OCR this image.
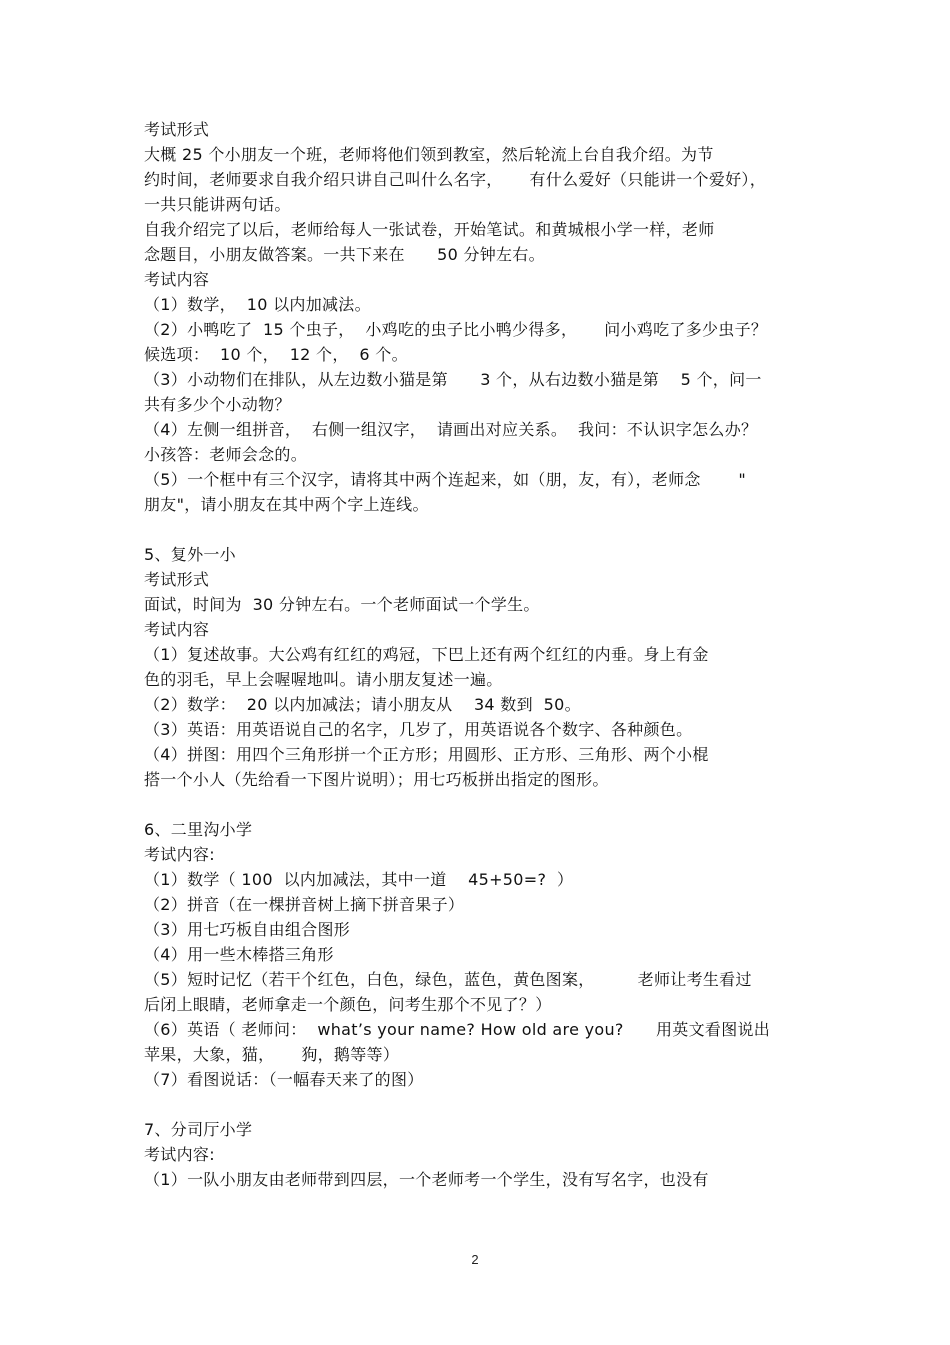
考试形式

大概 25 个小朋友一个班，老师将他们领到教室，然后轮流上台自我介绍。为节

约时间，老师要求自我介绍只讲自己叫什么名字，     有什么爱好（只能讲一个爱好），

一共只能讲两句话。

自我介绍完了以后，老师给每人一张试卷，开始笔试。和黄城根小学一样，老师

念题目，小朋友做答案。一共下来在      50 分钟左右。

考试内容

（1）数学，  10 以内加减法。

（2）小鸭吃了  15 个虫子，  小鸡吃的虫子比小鸭少得多，     问小鸡吃了多少虫子？

候选项：  10 个，  12 个，  6 个。

（3）小动物们在排队，从左边数小猫是第      3 个，从右边数小猫是第    5 个，问一

共有多少个小动物？

（4）左侧一组拼音，  右侧一组汉字，  请画出对应关系。  我问：不认识字怎么办？

小孩答：老师会念的。

（5）一个框中有三个汉字，请将其中两个连起来，如（朋，友，有），老师念       "

朋友"，请小朋友在其中两个字上连线。

5、复外一小

考试形式

面试，时间为  30 分钟左右。一个老师面试一个学生。

考试内容

（1）复述故事。大公鸡有红红的鸡冠，下巴上还有两个红红的内垂。身上有金

色的羽毛，早上会喔喔地叫。请小朋友复述一遍。

（2）数学：  20 以内加减法；请小朋友从    34 数到  50。

（3）英语：用英语说自己的名字，几岁了，用英语说各个数字、各种颜色。

（4）拼图：用四个三角形拼一个正方形；用圆形、正方形、三角形、两个小棍

搭一个小人（先给看一下图片说明）；用七巧板拼出指定的图形。

6、二里沟小学

考试内容:

（1）数学（ 100  以内加减法，其中一道    45+50=?  ）

（2）拼音（在一棵拼音树上摘下拼音果子）

（3）用七巧板自由组合图形

（4）用一些木棒搭三角形

（5）短时记忆（若干个红色，白色，绿色，蓝色，黄色图案，        老师让考生看过

后闭上眼睛，老师拿走一个颜色，问考生那个不见了？）

（6）英语（ 老师问：  what’s your name? How old are you?      用英文看图说出

苹果，大象，猫，     狗，鹅等等）

（7）看图说话：（一幅春天来了的图）

7、分司厅小学

考试内容:

（1）一队小朋友由老师带到四层，一个老师考一个学生，没有写名字，也没有

2
